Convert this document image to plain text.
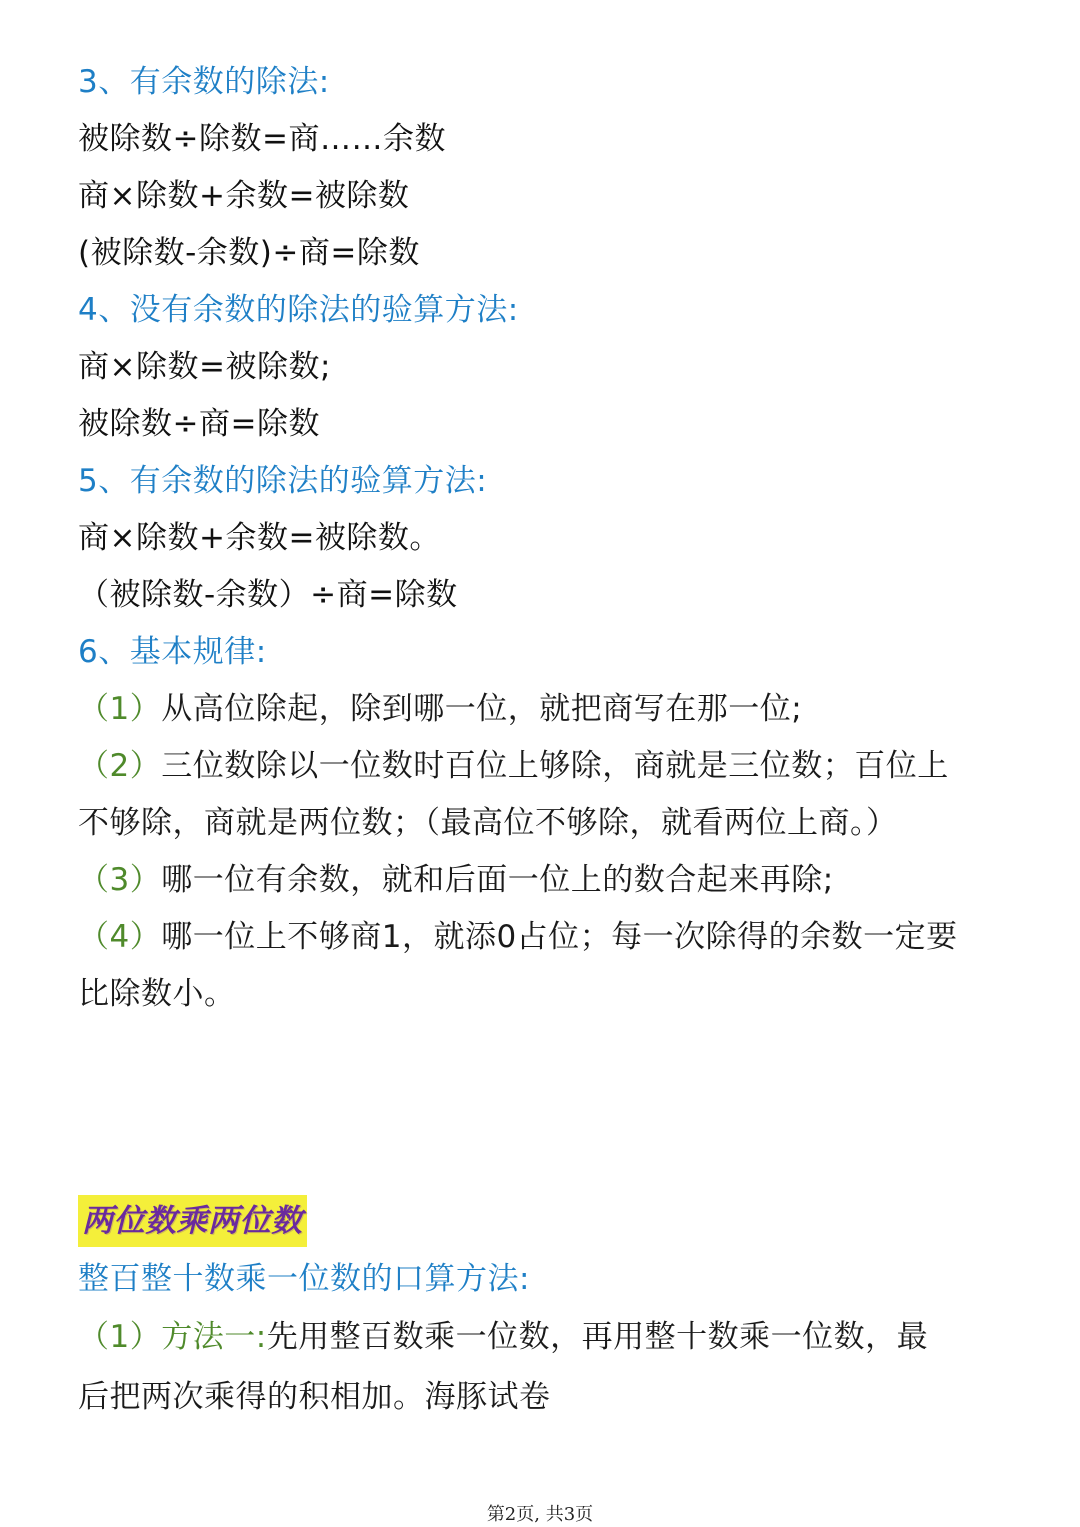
3、有余数的除法:
被除数÷除数=商……余数
商×除数+余数=被除数
(被除数-余数)÷商=除数
4、没有余数的除法的验算方法:
商×除数=被除数;
被除数÷商=除数
5、有余数的除法的验算方法:
商×除数+余数=被除数。
（被除数-余数）÷商=除数
6、基本规律:
（1）从高位除起，除到哪一位，就把商写在那一位;
（2）三位数除以一位数时百位上够除，商就是三位数；百位上
不够除，商就是两位数；（最高位不够除，就看两位上商。）
（3）哪一位有余数，就和后面一位上的数合起来再除;
（4）哪一位上不够商1，就添0占位；每一次除得的余数一定要
比除数小。
两位数乘两位数
整百整十数乘一位数的口算方法:
（1）方法一:先用整百数乘一位数，再用整十数乘一位数，最
后把两次乘得的积相加。海豚试卷
第2页, 共3页
